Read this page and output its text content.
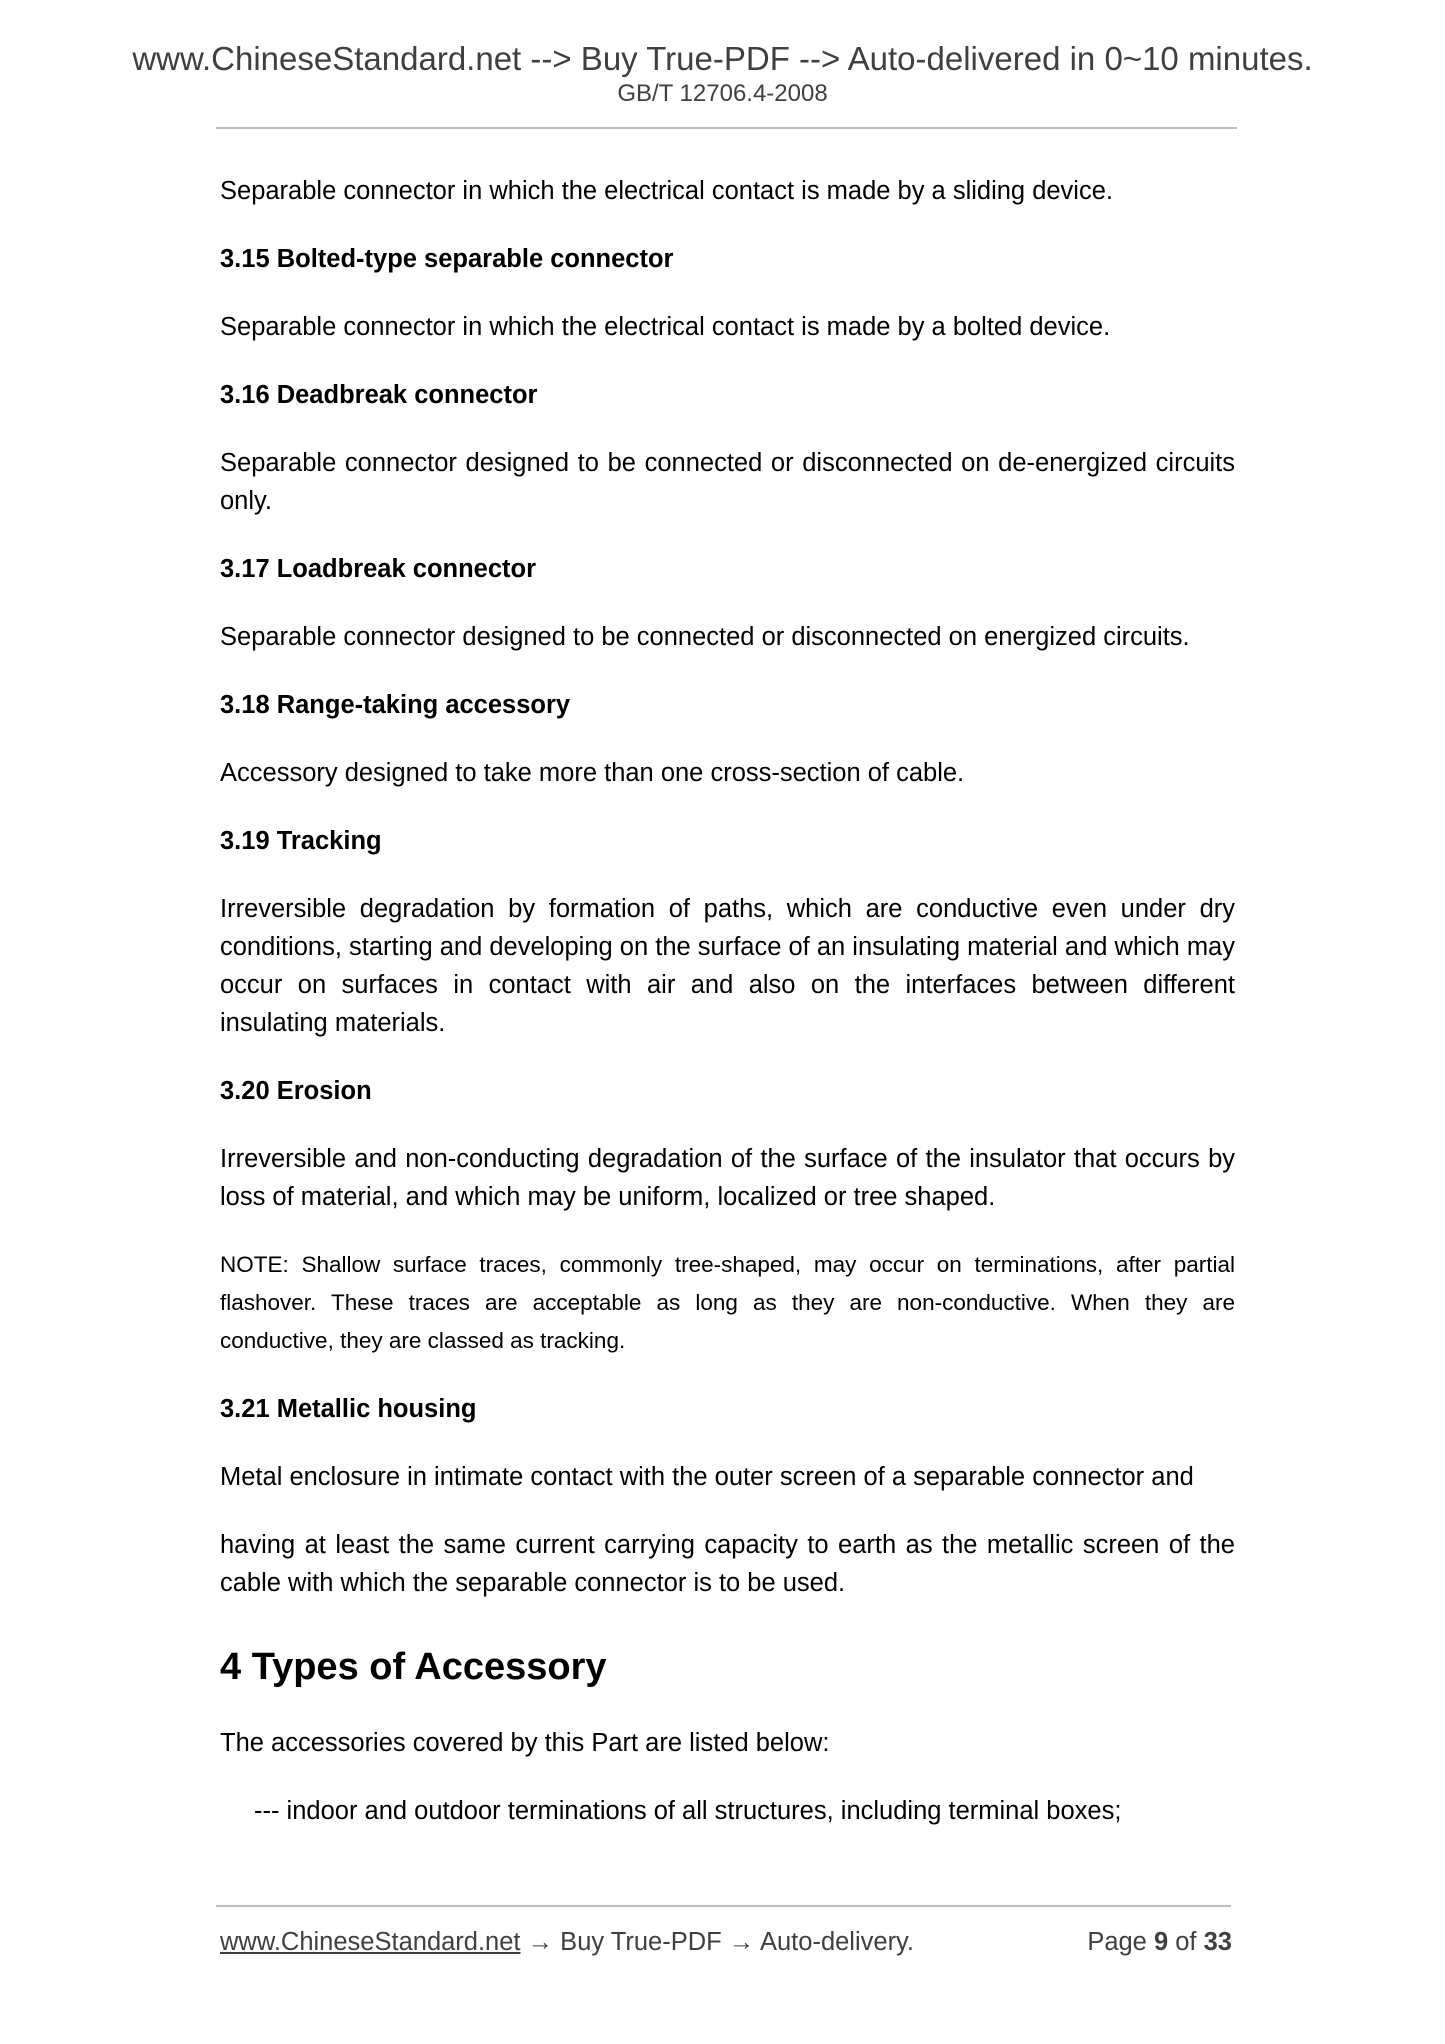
www.ChineseStandard.net --> Buy True-PDF --> Auto-delivered in 0~10 minutes.
GB/T 12706.4-2008
Separable connector in which the electrical contact is made by a sliding device.
3.15 Bolted-type separable connector
Separable connector in which the electrical contact is made by a bolted device.
3.16 Deadbreak connector
Separable connector designed to be connected or disconnected on de-energized circuits only.
3.17 Loadbreak connector
Separable connector designed to be connected or disconnected on energized circuits.
3.18 Range-taking accessory
Accessory designed to take more than one cross-section of cable.
3.19 Tracking
Irreversible degradation by formation of paths, which are conductive even under dry conditions, starting and developing on the surface of an insulating material and which may occur on surfaces in contact with air and also on the interfaces between different insulating materials.
3.20 Erosion
Irreversible and non-conducting degradation of the surface of the insulator that occurs by loss of material, and which may be uniform, localized or tree shaped.
NOTE: Shallow surface traces, commonly tree-shaped, may occur on terminations, after partial flashover. These traces are acceptable as long as they are non-conductive. When they are conductive, they are classed as tracking.
3.21 Metallic housing
Metal enclosure in intimate contact with the outer screen of a separable connector and
having at least the same current carrying capacity to earth as the metallic screen of the cable with which the separable connector is to be used.
4 Types of Accessory
The accessories covered by this Part are listed below:
--- indoor and outdoor terminations of all structures, including terminal boxes;
www.ChineseStandard.net → Buy True-PDF → Auto-delivery.	Page 9 of 33
